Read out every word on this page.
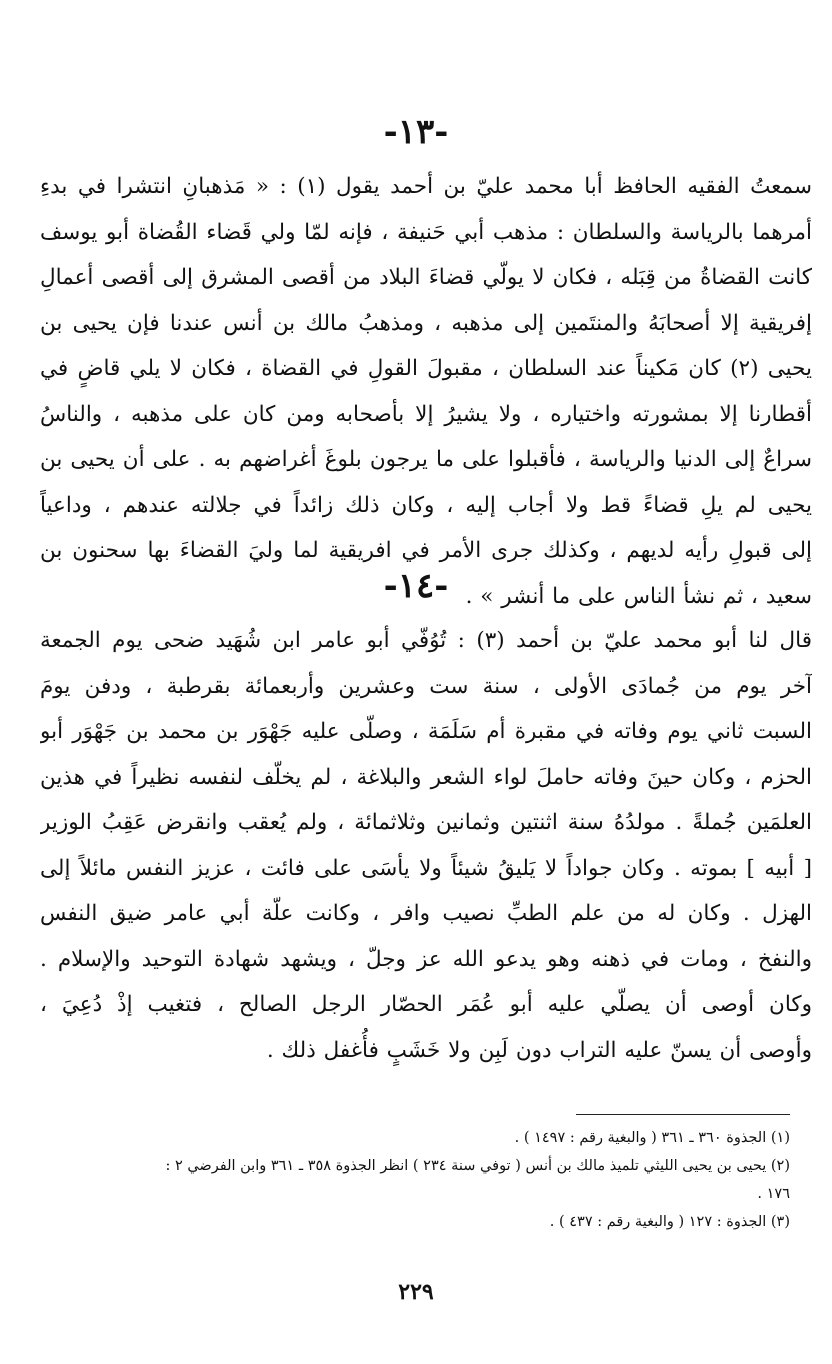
-١٣-
سمعتُ الفقيه الحافظ أبا محمد عليّ بن أحمد يقول (١) : « مَذهبانِ انتشرا في بدءِ
أمرهما بالرياسة والسلطان : مذهب أبي حَنيفة ، فإنه لمّا ولي قَضاء القُضاة أبو يوسف
كانت القضاةُ من قِبَله ، فكان لا يولّي قضاءَ البلاد من أقصى المشرق إلى أقصى أعمالِ
إفريقية إلا أصحابَهُ والمنتَمين إلى مذهبه ، ومذهبُ مالك بن أنس عندنا فإن يحيى بن
يحيى (٢) كان مَكيناً عند السلطان ، مقبولَ القولِ في القضاة ، فكان لا يلي قاضٍ في
أقطارنا إلا بمشورته واختياره ، ولا يشيرُ إلا بأصحابه ومن كان على مذهبه ، والناسُ
سراعٌ إلى الدنيا والرياسة ، فأقبلوا على ما يرجون بلوغَ أغراضهم به . على أن يحيى بن
يحيى لم يلِ قضاءً قط ولا أجاب إليه ، وكان ذلك زائداً في جلالته عندهم ، وداعياً
إلى قبولِ رأيه لديهم ، وكذلك جرى الأمر في افريقية لما وليَ القضاءَ بها سحنون بن
سعيد ، ثم نشأ الناس على ما أنشر » .
-١٤-
قال لنا أبو محمد عليّ بن أحمد (٣) : تُوُفّي أبو عامر ابن شُهَيد ضحى يوم الجمعة
آخر يوم من جُمادَى الأولى ، سنة ست وعشرين وأربعمائة بقرطبة ، ودفن يومَ
السبت ثاني يوم وفاته في مقبرة أم سَلَمَة ، وصلّى عليه جَهْوَر بن محمد بن جَهْوَر أبو
الحزم ، وكان حينَ وفاته حاملَ لواء الشعر والبلاغة ، لم يخلّف لنفسه نظيراً في هذين
العلمَين جُملةً . مولدُهُ سنة اثنتين وثمانين وثلاثمائة ، ولم يُعقب وانقرض عَقِبُ الوزير
[ أبيه ] بموته . وكان جواداً لا يَليقُ شيئاً ولا يأسَى على فائت ، عزيز النفس مائلاً إلى
الهزل . وكان له من علم الطبِّ نصيب وافر ، وكانت علّة أبي عامر ضيق النفس
والنفخ ، ومات في ذهنه وهو يدعو الله عز وجلّ ، ويشهد شهادة التوحيد والإسلام .
وكان أوصى أن يصلّي عليه أبو عُمَر الحصّار الرجل الصالح ، فتغيب إذْ دُعِيَ ،
وأوصى أن يسنّ عليه التراب دون لَبِن ولا خَشَبٍ فأُغفل ذلك .
(١) الجذوة ٣٦٠ ـ ٣٦١ ( والبغية رقم : ١٤٩٧ ) .
(٢) يحيى بن يحيى الليثي تلميذ مالك بن أنس ( توفي سنة ٢٣٤ ) انظر الجذوة ٣٥٨ ـ ٣٦١ وابن الفرضي ٢ :
١٧٦ .
(٣) الجذوة : ١٢٧ ( والبغية رقم : ٤٣٧ ) .
٢٢٩
